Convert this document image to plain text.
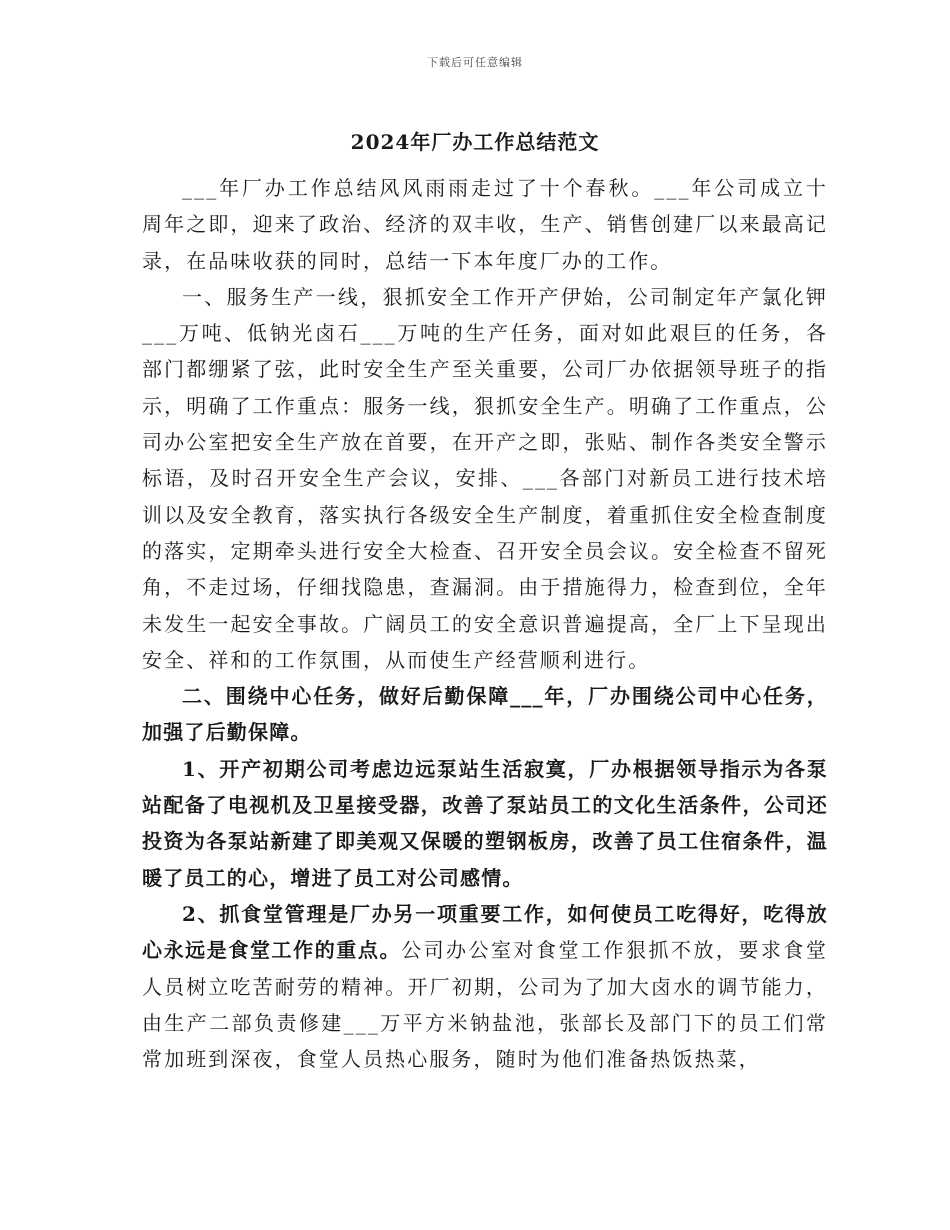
下载后可任意编辑
2024年厂办工作总结范文

___年厂办工作总结风风雨雨走过了十个春秋。___年公司成立十周年之即，迎来了政治、经济的双丰收，生产、销售创建厂以来最高记录，在品味收获的同时，总结一下本年度厂办的工作。

一、服务生产一线，狠抓安全工作开产伊始，公司制定年产氯化钾___万吨、低钠光卤石___万吨的生产任务，面对如此艰巨的任务，各部门都绷紧了弦，此时安全生产至关重要，公司厂办依据领导班子的指示，明确了工作重点：服务一线，狠抓安全生产。明确了工作重点，公司办公室把安全生产放在首要，在开产之即，张贴、制作各类安全警示标语，及时召开安全生产会议，安排、___各部门对新员工进行技术培训以及安全教育，落实执行各级安全生产制度，着重抓住安全检查制度的落实，定期牵头进行安全大检查、召开安全员会议。安全检查不留死角，不走过场，仔细找隐患，查漏洞。由于措施得力，检查到位，全年未发生一起安全事故。广阔员工的安全意识普遍提高，全厂上下呈现出安全、祥和的工作氛围，从而使生产经营顺利进行。

二、围绕中心任务，做好后勤保障___年，厂办围绕公司中心任务，加强了后勤保障。

1、开产初期公司考虑边远泵站生活寂寞，厂办根据领导指示为各泵站配备了电视机及卫星接受器，改善了泵站员工的文化生活条件，公司还投资为各泵站新建了即美观又保暖的塑钢板房，改善了员工住宿条件，温暖了员工的心，增进了员工对公司感情。

2、抓食堂管理是厂办另一项重要工作，如何使员工吃得好，吃得放心永远是食堂工作的重点。公司办公室对食堂工作狠抓不放，要求食堂人员树立吃苦耐劳的精神。开厂初期，公司为了加大卤水的调节能力，由生产二部负责修建___万平方米钠盐池，张部长及部门下的员工们常常加班到深夜，食堂人员热心服务，随时为他们准备热饭热菜，
